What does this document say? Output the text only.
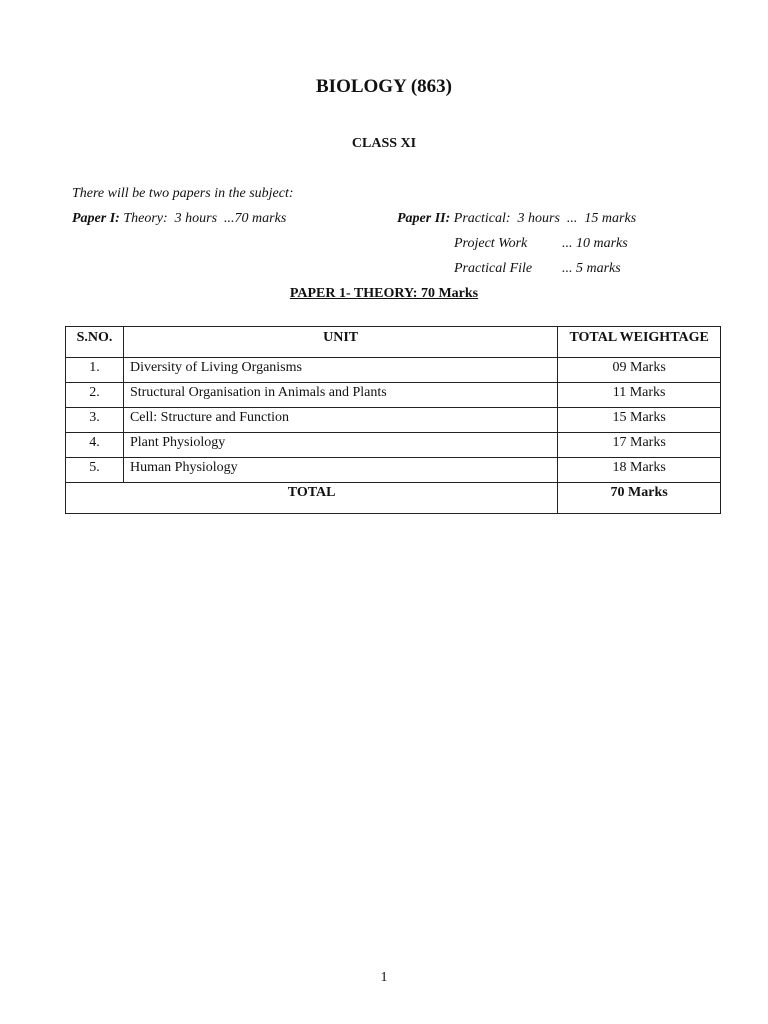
BIOLOGY (863)
CLASS XI
There will be two papers in the subject:
Paper I: Theory:  3 hours  ...70 marks	Paper II: Practical:  3 hours  ...  15 marks
Project Work ... 10 marks
Practical File ... 5 marks
PAPER 1- THEORY: 70 Marks
S.NO.	UNIT	TOTAL WEIGHTAGE
1.	Diversity of Living Organisms	09 Marks
2.	Structural Organisation in Animals and Plants	11 Marks
3.	Cell: Structure and Function	15 Marks
4.	Plant Physiology	17 Marks
5.	Human Physiology	18 Marks
TOTAL		70 Marks
1
